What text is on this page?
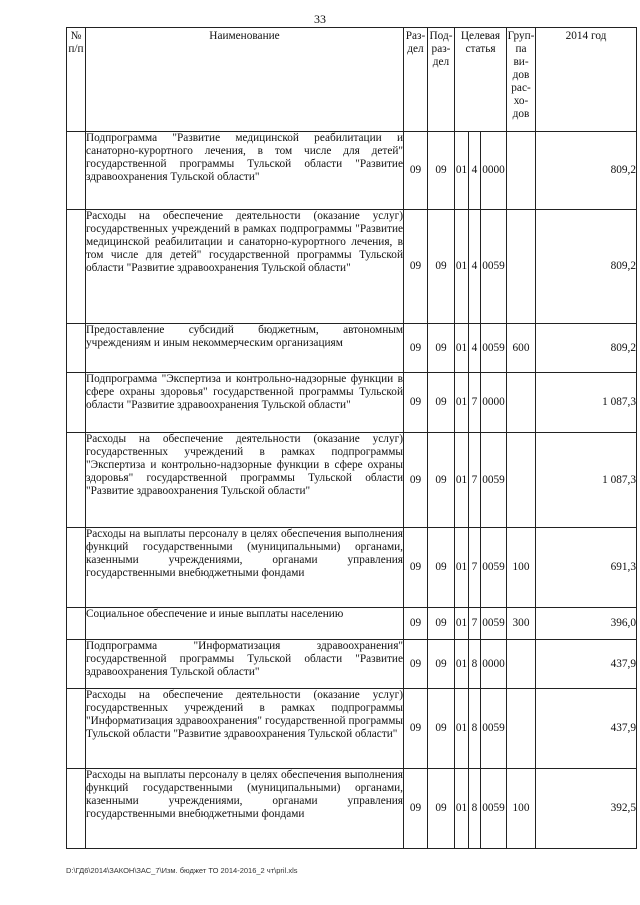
33
№ п/п	Наименование	Раз-дел	Под-раз-дел	Целевая статья			Груп-па ви-дов рас-хо-дов	2014 год
	Подпрограмма "Развитие медицинской реабилитации и санаторно-курортного лечения, в том числе для детей" государственной программы Тульской области "Развитие здравоохранения Тульской области"	09	09	01	4	0000		809,2
	Расходы на обеспечение деятельности (оказание услуг) государственных учреждений в рамках подпрограммы "Развитие медицинской реабилитации и санаторно-курортного лечения, в том числе для детей" государственной программы Тульской области "Развитие здравоохранения Тульской области"	09	09	01	4	0059		809,2
	Предоставление субсидий бюджетным, автономным учреждениям и иным некоммерческим организациям	09	09	01	4	0059	600	809,2
	Подпрограмма "Экспертиза и контрольно-надзорные функции в сфере охраны здоровья" государственной программы Тульской области "Развитие здравоохранения Тульской области"	09	09	01	7	0000		1 087,3
	Расходы на обеспечение деятельности (оказание услуг) государственных учреждений в рамках подпрограммы "Экспертиза и контрольно-надзорные функции в сфере охраны здоровья" государственной программы Тульской области "Развитие здравоохранения Тульской области"	09	09	01	7	0059		1 087,3
	Расходы на выплаты персоналу в целях обеспечения выполнения функций государственными (муниципальными) органами, казенными учреждениями, органами управления государственными внебюджетными фондами	09	09	01	7	0059	100	691,3
	Социальное обеспечение и иные выплаты населению	09	09	01	7	0059	300	396,0
	Подпрограмма "Информатизация здравоохранения" государственной программы Тульской области "Развитие здравоохранения Тульской области"	09	09	01	8	0000		437,9
	Расходы на обеспечение деятельности (оказание услуг) государственных учреждений в рамках подпрограммы "Информатизация здравоохранения" государственной программы Тульской области "Развитие здравоохранения Тульской области"	09	09	01	8	0059		437,9
	Расходы на выплаты персоналу в целях обеспечения выполнения функций государственными (муниципальными) органами, казенными учреждениями, органами управления государственными внебюджетными фондами	09	09	01	8	0059	100	392,5
D:\ГД6\2014\ЗАКОН\ЗАС_7\Изм. бюджет ТО 2014-2016_2 чт\pril.xls
